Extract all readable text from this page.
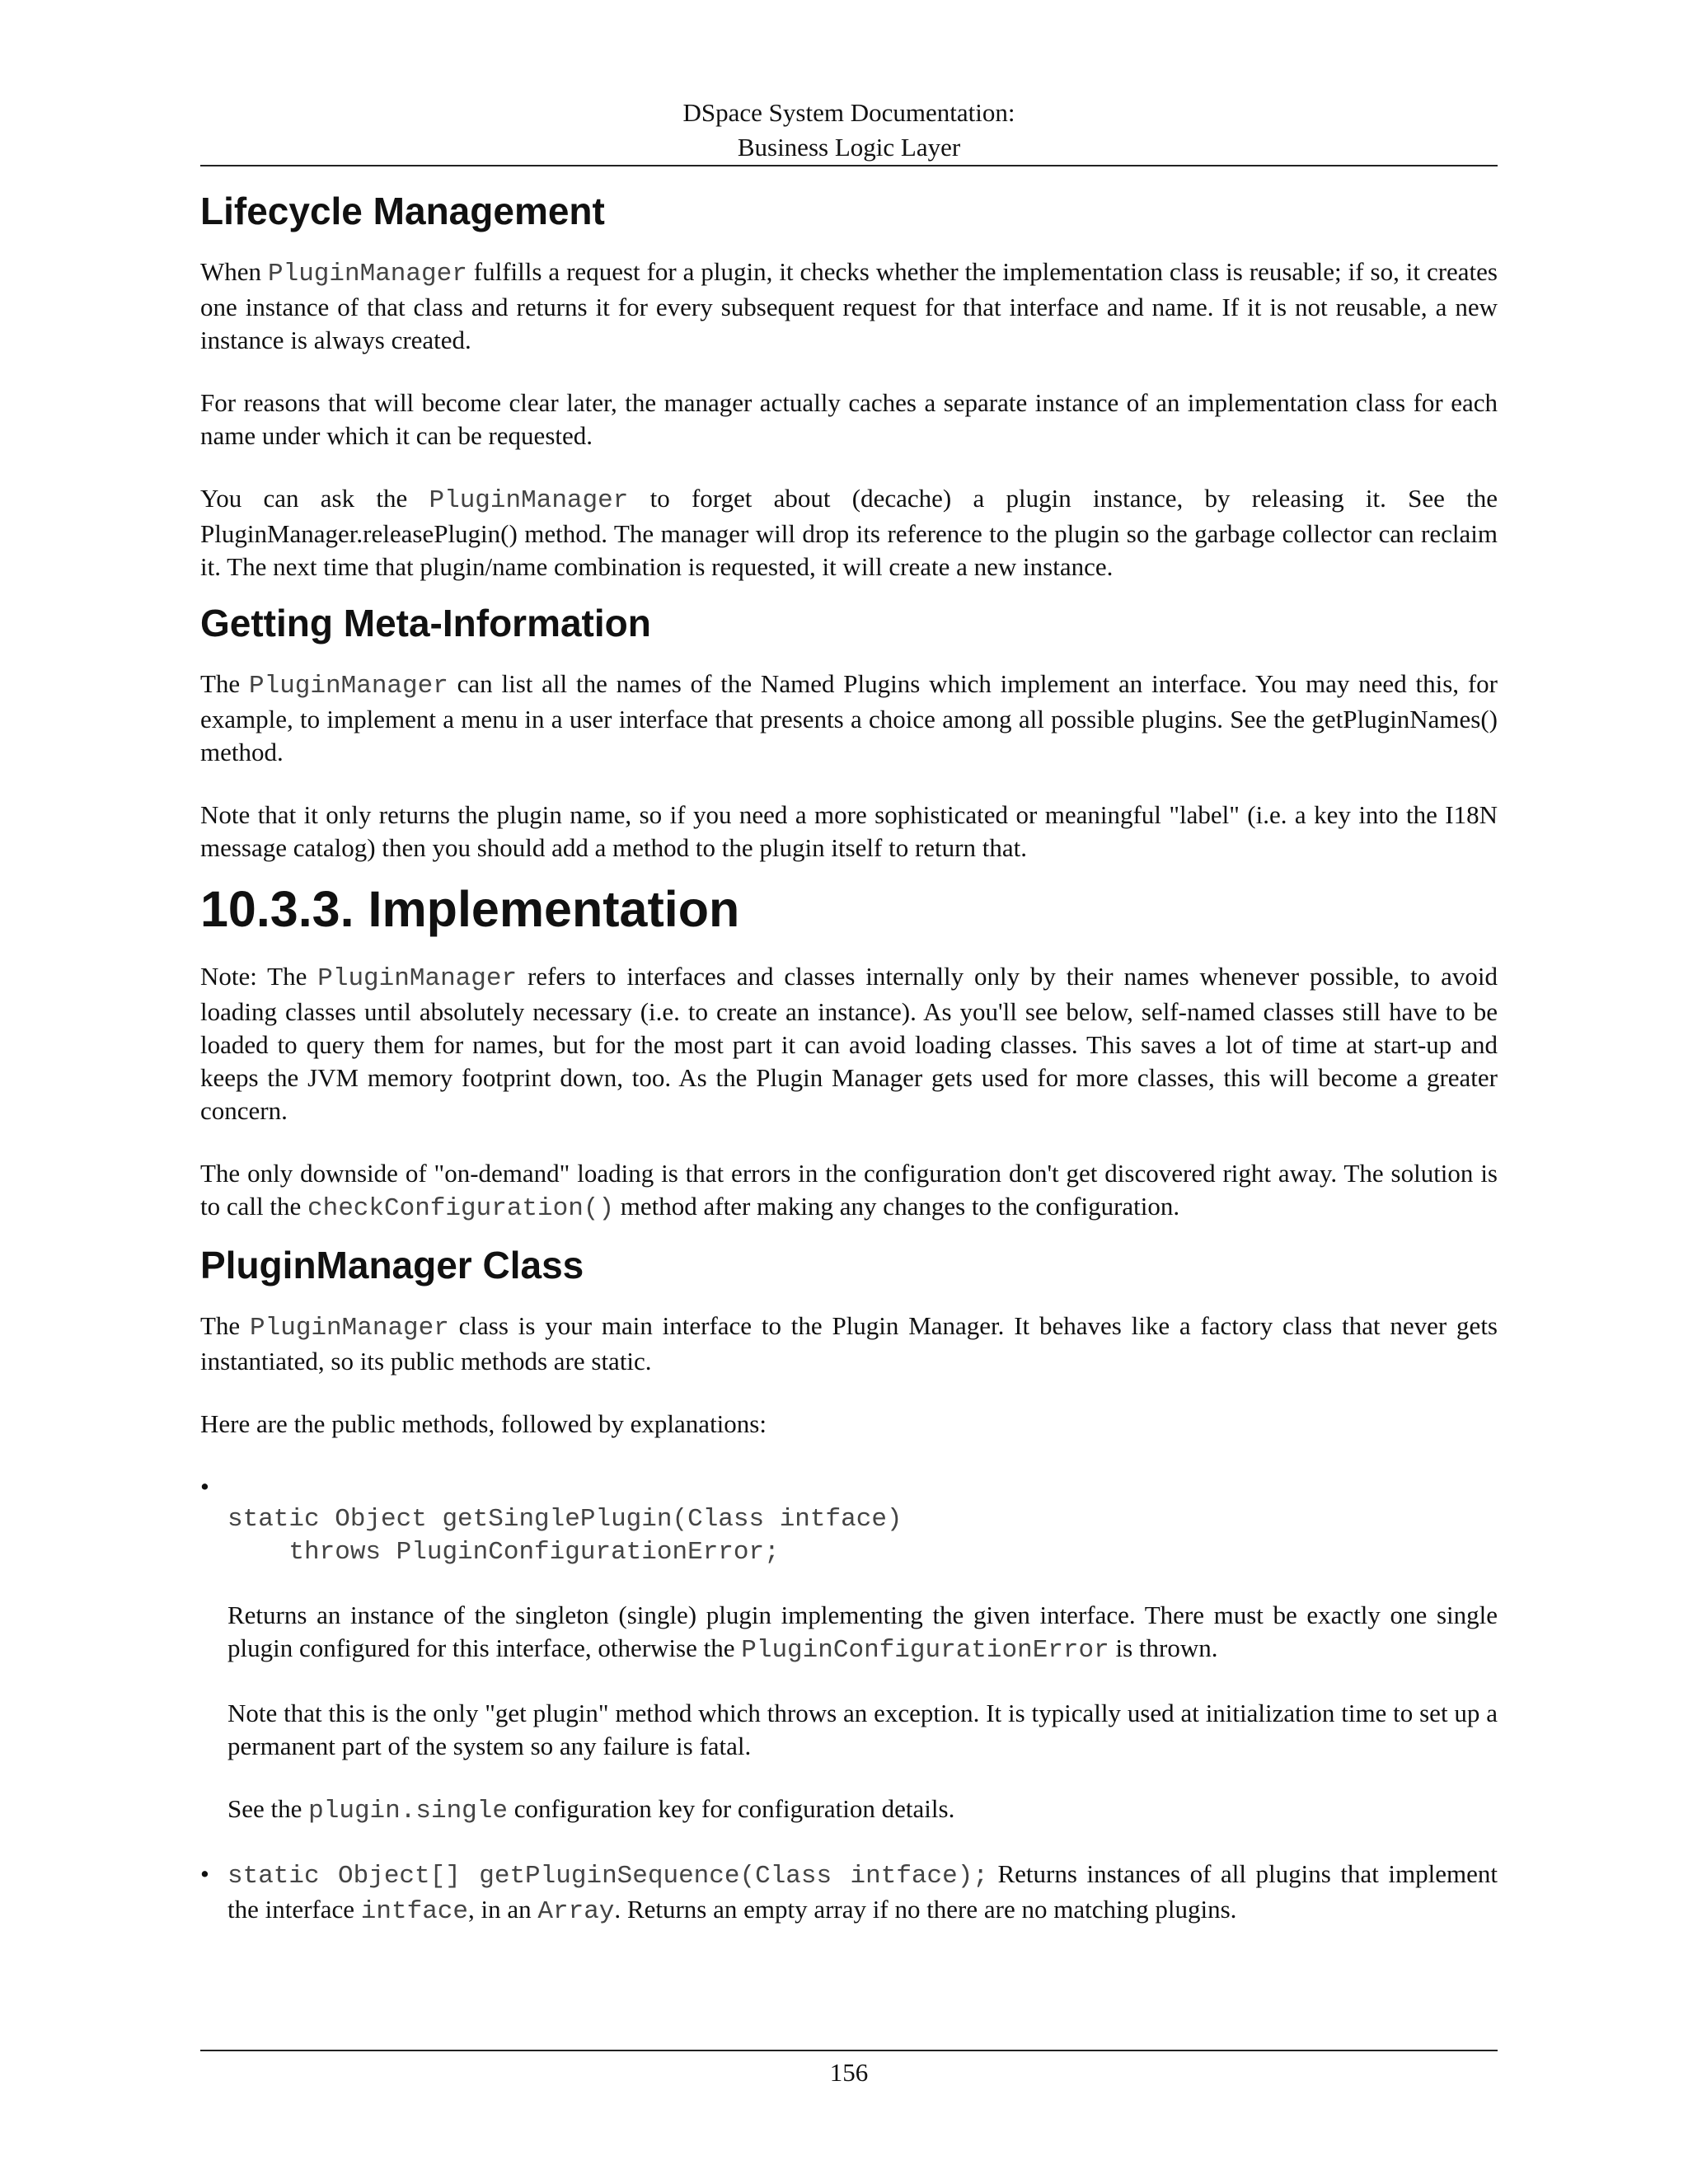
DSpace System Documentation:
Business Logic Layer
Lifecycle Management

When PluginManager fulfills a request for a plugin, it checks whether the implementation class is reusable; if so, it creates one instance of that class and returns it for every subsequent request for that interface and name. If it is not reusable, a new instance is always created.

For reasons that will become clear later, the manager actually caches a separate instance of an implementation class for each name under which it can be requested.

You can ask the PluginManager to forget about (decache) a plugin instance, by releasing it. See the PluginManager.releasePlugin() method. The manager will drop its reference to the plugin so the garbage collector can reclaim it. The next time that plugin/name combination is requested, it will create a new instance.

Getting Meta-Information

The PluginManager can list all the names of the Named Plugins which implement an interface. You may need this, for example, to implement a menu in a user interface that presents a choice among all possible plugins. See the getPluginNames() method.

Note that it only returns the plugin name, so if you need a more sophisticated or meaningful "label" (i.e. a key into the I18N message catalog) then you should add a method to the plugin itself to return that.

10.3.3. Implementation

Note: The PluginManager refers to interfaces and classes internally only by their names whenever possible, to avoid loading classes until absolutely necessary (i.e. to create an instance). As you'll see below, self-named classes still have to be loaded to query them for names, but for the most part it can avoid loading classes. This saves a lot of time at start-up and keeps the JVM memory footprint down, too. As the Plugin Manager gets used for more classes, this will become a greater concern.

The only downside of "on-demand" loading is that errors in the configuration don't get discovered right away. The solution is to call the checkConfiguration() method after making any changes to the configuration.

PluginManager Class

The PluginManager class is your main interface to the Plugin Manager. It behaves like a factory class that never gets instantiated, so its public methods are static.

Here are the public methods, followed by explanations:

•
static Object getSinglePlugin(Class intface)
throws PluginConfigurationError;

Returns an instance of the singleton (single) plugin implementing the given interface. There must be exactly one single plugin configured for this interface, otherwise the PluginConfigurationError is thrown.

Note that this is the only "get plugin" method which throws an exception. It is typically used at initialization time to set up a permanent part of the system so any failure is fatal.

See the plugin.single configuration key for configuration details.

• static Object[] getPluginSequence(Class intface); Returns instances of all plugins that implement the interface intface, in an Array. Returns an empty array if no there are no matching plugins.

156
